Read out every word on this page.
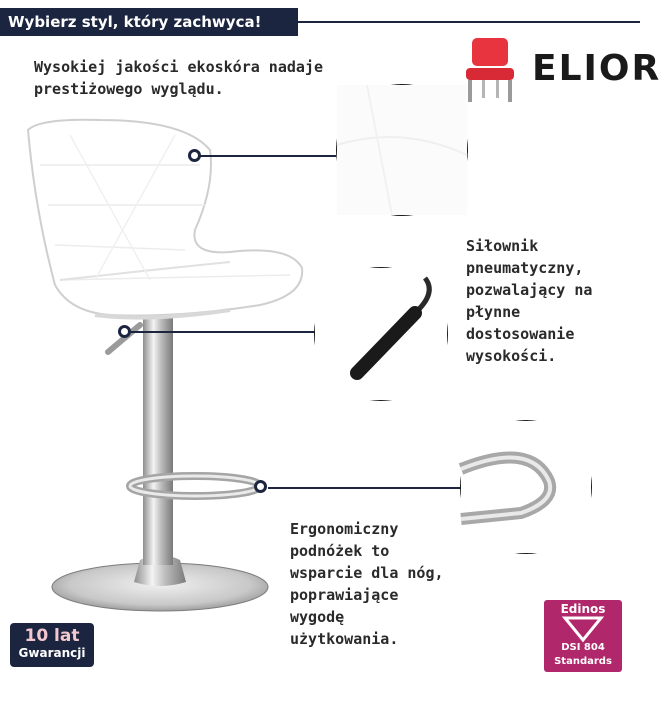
Wybierz styl, który zachwyca!
ELIOR

Wysokiej jakości ekoskóra nadaje

prestiżowego wyglądu.

Siłownik

pneumatyczny,

pozwalający na

płynne

dostosowanie

wysokości.

Ergonomiczny

podnóżek to

wsparcie dla nóg,

poprawiające

wygodę

użytkowania.

10 lat
Gwarancji
Edinos
DSI 804
Standards
